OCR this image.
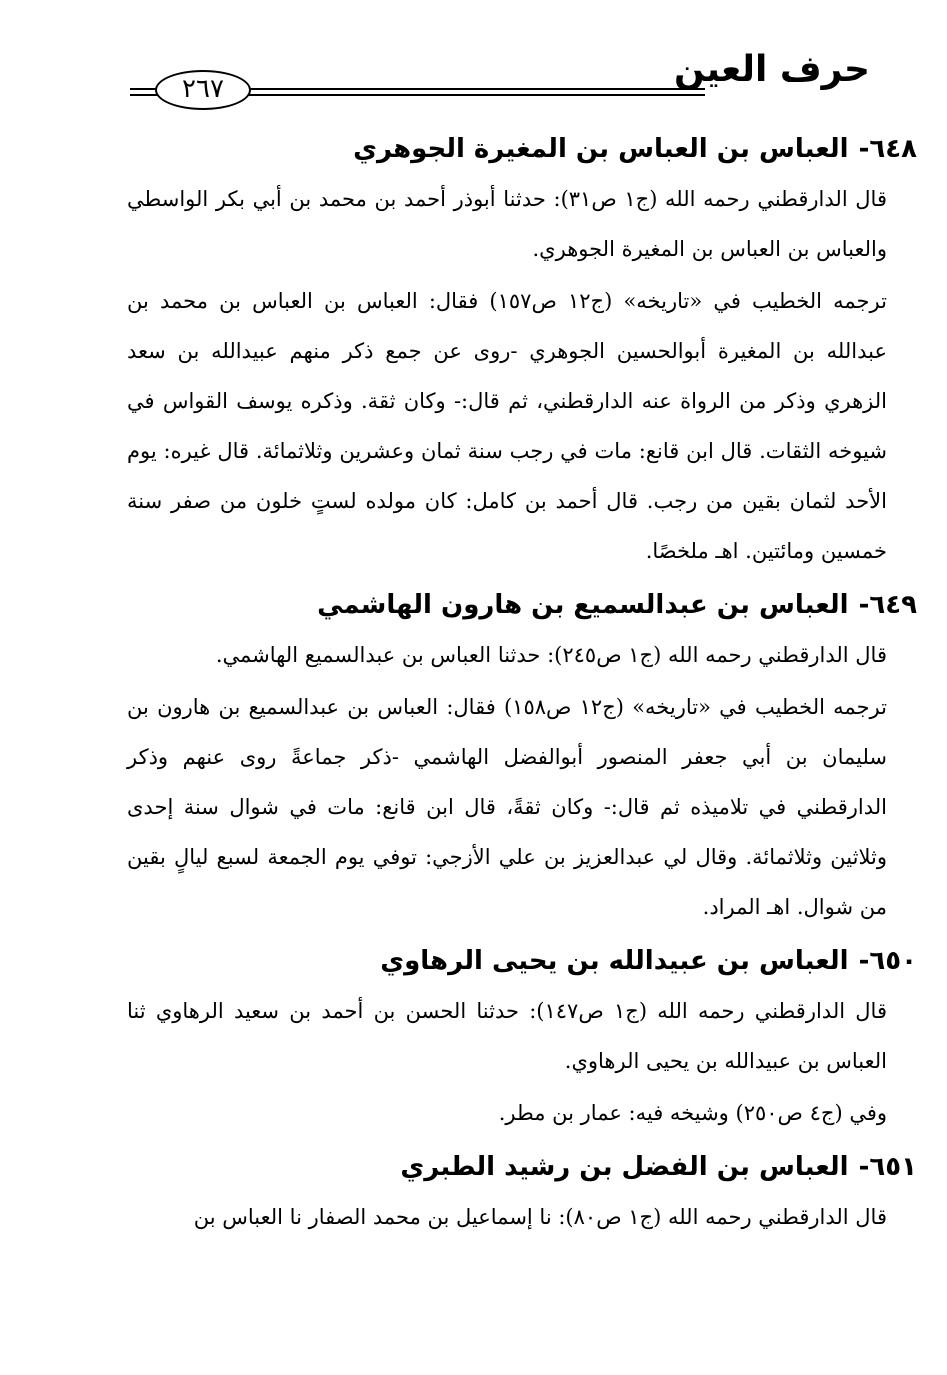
حرف العين
٢٦٧
٦٤٨-العباس بن العباس بن المغيرة الجوهري

قال الدارقطني رحمه الله (ج١ ص٣١): حدثنا أبوذر أحمد بن محمد بن أبي بكر الواسطي والعباس بن العباس بن المغيرة الجوهري.

ترجمه الخطيب في «تاريخه» (ج١٢ ص١٥٧) فقال: العباس بن العباس بن محمد بن عبدالله بن المغيرة أبوالحسين الجوهري -روى عن جمع ذكر منهم عبيدالله بن سعد الزهري وذكر من الرواة عنه الدارقطني، ثم قال:- وكان ثقة. وذكره يوسف القواس في شيوخه الثقات. قال ابن قانع: مات في رجب سنة ثمان وعشرين وثلاثمائة. قال غيره: يوم الأحد لثمان بقين من رجب. قال أحمد بن كامل: كان مولده لستٍ خلون من صفر سنة خمسين ومائتين. اهـ ملخصًا.

٦٤٩-العباس بن عبدالسميع بن هارون الهاشمي

قال الدارقطني رحمه الله (ج١ ص٢٤٥): حدثنا العباس بن عبدالسميع الهاشمي.

ترجمه الخطيب في «تاريخه» (ج١٢ ص١٥٨) فقال: العباس بن عبدالسميع بن هارون بن سليمان بن أبي جعفر المنصور أبوالفضل الهاشمي -ذكر جماعةً روى عنهم وذكر الدارقطني في تلاميذه ثم قال:- وكان ثقةً، قال ابن قانع: مات في شوال سنة إحدى وثلاثين وثلاثمائة. وقال لي عبدالعزيز بن علي الأزجي: توفي يوم الجمعة لسبع ليالٍ بقين من شوال. اهـ المراد.

٦٥٠-العباس بن عبيدالله بن يحيى الرهاوي

قال الدارقطني رحمه الله (ج١ ص١٤٧): حدثنا الحسن بن أحمد بن سعيد الرهاوي ثنا العباس بن عبيدالله بن يحيى الرهاوي.

وفي (ج٤ ص٢٥٠) وشيخه فيه: عمار بن مطر.

٦٥١-العباس بن الفضل بن رشيد الطبري

قال الدارقطني رحمه الله (ج١ ص٨٠): نا إسماعيل بن محمد الصفار نا العباس بن
